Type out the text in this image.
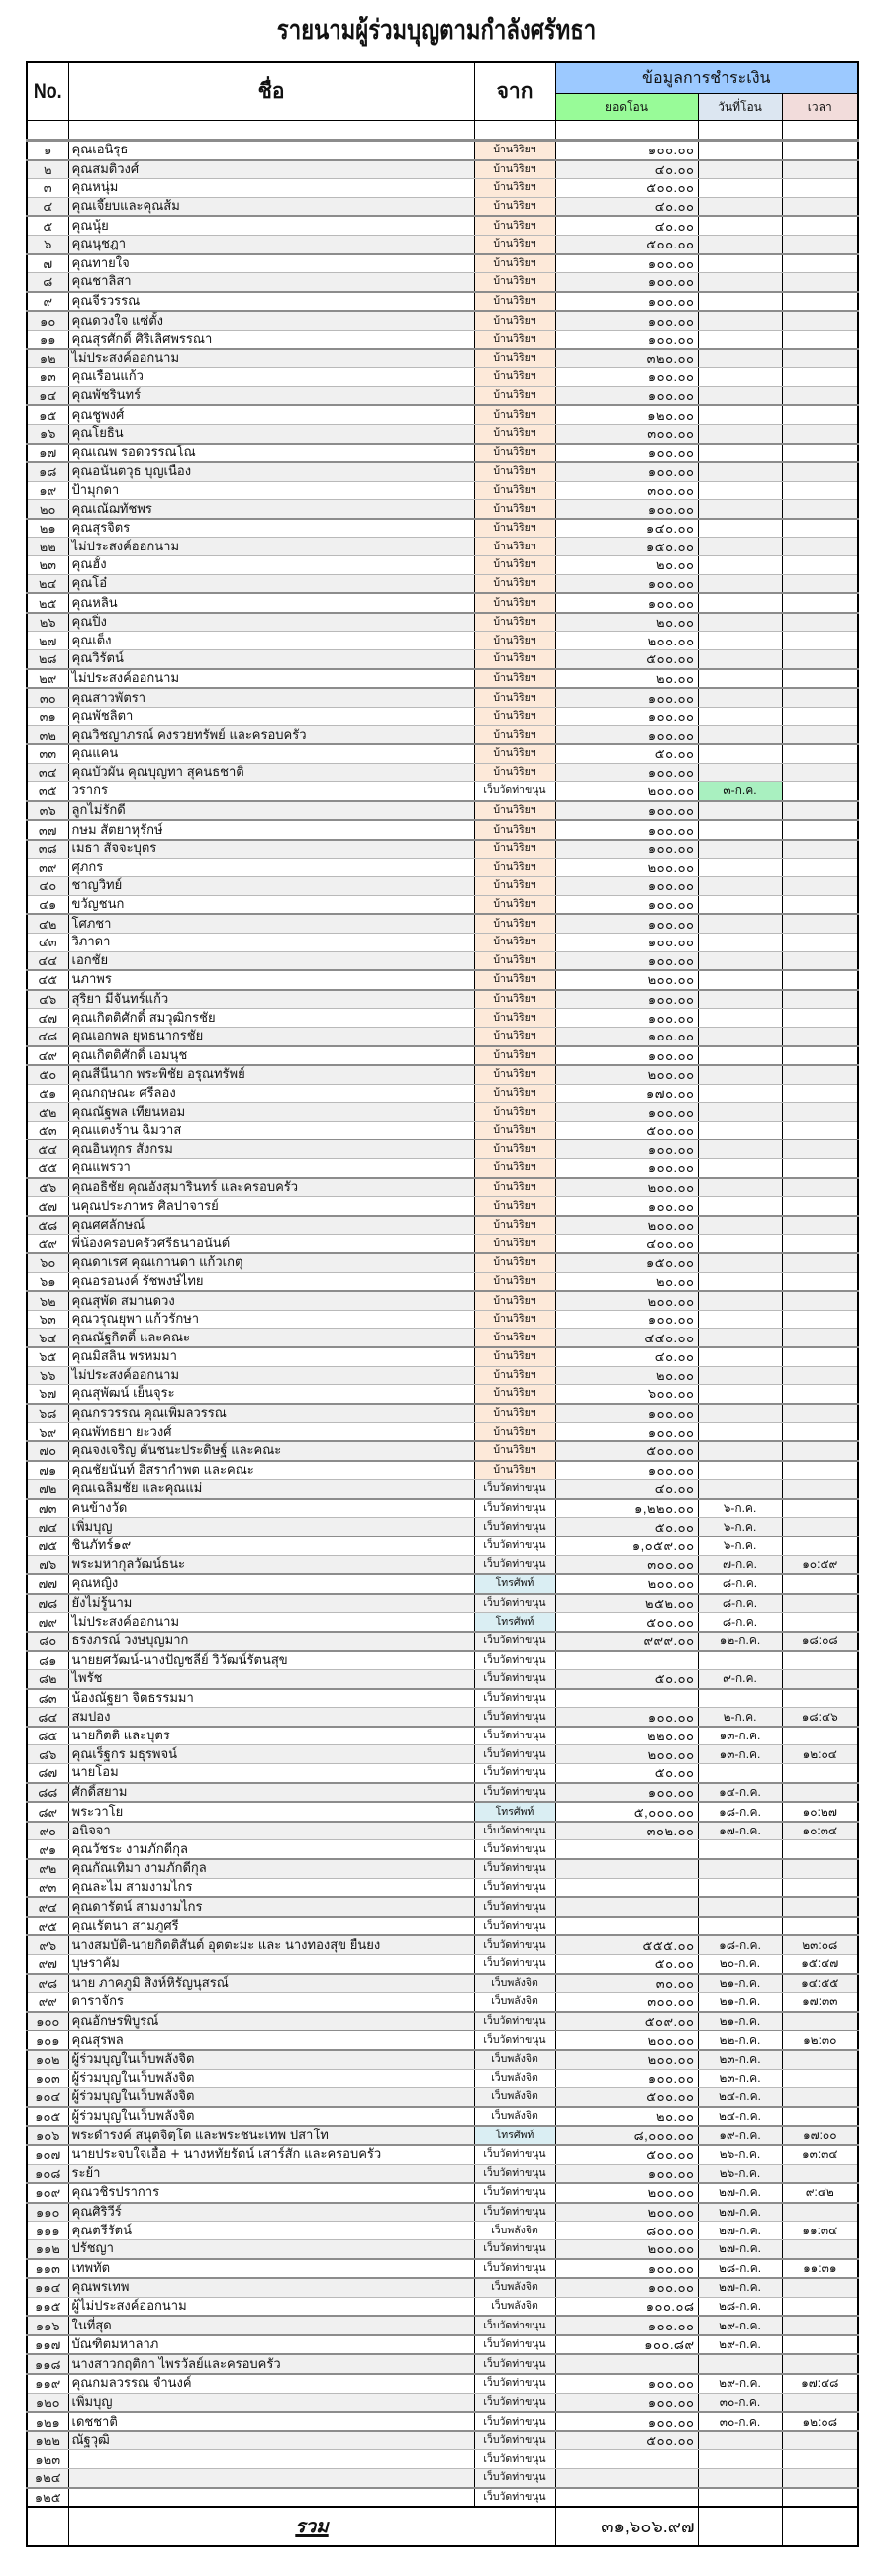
รายนามผู้ร่วมบุญตามกำลังศรัทธา
No.	ชื่อ	จาก	ข้อมูลการชำระเงิน		
			ยอดโอน	วันที่โอน	เวลา

๑	คุณเอนิรุธ	บ้านวิริยฯ	๑๐๐.๐๐		
๒	คุณสมติวงศ์	บ้านวิริยฯ	๔๐.๐๐		
๓	คุณหนุ่ม	บ้านวิริยฯ	๕๐๐.๐๐		
๔	คุณเจี๊ยบและคุณส้ม	บ้านวิริยฯ	๔๐.๐๐		
๕	คุณนุ้ย	บ้านวิริยฯ	๔๐.๐๐		
๖	คุณนุชฎา	บ้านวิริยฯ	๕๐๐.๐๐		
๗	คุณทายใจ	บ้านวิริยฯ	๑๐๐.๐๐		
๘	คุณชาลิสา	บ้านวิริยฯ	๑๐๐.๐๐		
๙	คุณจีรวรรณ	บ้านวิริยฯ	๑๐๐.๐๐		
๑๐	คุณดวงใจ แซ่ตั้ง	บ้านวิริยฯ	๑๐๐.๐๐		
๑๑	คุณสุรศักดิ์ ศิริเลิศพรรณา	บ้านวิริยฯ	๑๐๐.๐๐		
๑๒	ไม่ประสงค์ออกนาม	บ้านวิริยฯ	๓๒๐.๐๐		
๑๓	คุณเรือนแก้ว	บ้านวิริยฯ	๑๐๐.๐๐		
๑๔	คุณพัชรินทร์	บ้านวิริยฯ	๑๐๐.๐๐		
๑๕	คุณชูพงศ์	บ้านวิริยฯ	๑๒๐.๐๐		
๑๖	คุณโยธิน	บ้านวิริยฯ	๓๐๐.๐๐		
๑๗	คุณเณพ รอดวรรณโณ	บ้านวิริยฯ	๑๐๐.๐๐		
๑๘	คุณอนันตวุธ บุญเนือง	บ้านวิริยฯ	๑๐๐.๐๐		
๑๙	ป้ามุกดา	บ้านวิริยฯ	๓๐๐.๐๐		
๒๐	คุณเณัฌทัชพร	บ้านวิริยฯ	๑๐๐.๐๐		
๒๑	คุณสุรจิตร	บ้านวิริยฯ	๑๔๐.๐๐		
๒๒	ไม่ประสงค์ออกนาม	บ้านวิริยฯ	๑๕๐.๐๐		
๒๓	คุณฮั้ง	บ้านวิริยฯ	๒๐.๐๐		
๒๔	คุณโอ๋	บ้านวิริยฯ	๑๐๐.๐๐		
๒๕	คุณหลิน	บ้านวิริยฯ	๑๐๐.๐๐		
๒๖	คุณปิ๋ง	บ้านวิริยฯ	๒๐.๐๐		
๒๗	คุณเต็ง	บ้านวิริยฯ	๒๐๐.๐๐		
๒๘	คุณวิรัตน์	บ้านวิริยฯ	๕๐๐.๐๐		
๒๙	ไม่ประสงค์ออกนาม	บ้านวิริยฯ	๒๐.๐๐		
๓๐	คุณสาวพัตรา	บ้านวิริยฯ	๑๐๐.๐๐		
๓๑	คุณพัชลิตา	บ้านวิริยฯ	๑๐๐.๐๐		
๓๒	คุณวิชญาภรณ์ คงรวยทรัพย์ และครอบครัว	บ้านวิริยฯ	๑๐๐.๐๐		
๓๓	คุณแคน	บ้านวิริยฯ	๕๐.๐๐		
๓๔	คุณบัวผัน คุณบุญทา สุคนธชาติ	บ้านวิริยฯ	๑๐๐.๐๐		
๓๕	วรากร	เว็บวัดท่าขนุน	๒๐๐.๐๐	๓-ก.ค.	
๓๖	ลูกไม่รักดี	บ้านวิริยฯ	๑๐๐.๐๐		
๓๗	กษม สัตยาหุรักษ์	บ้านวิริยฯ	๑๐๐.๐๐		
๓๘	เมธา สัจจะบุตร	บ้านวิริยฯ	๑๐๐.๐๐		
๓๙	ศุภกร	บ้านวิริยฯ	๒๐๐.๐๐		
๔๐	ชาญวิทย์	บ้านวิริยฯ	๑๐๐.๐๐		
๔๑	ขวัญชนก	บ้านวิริยฯ	๑๐๐.๐๐		
๔๒	โศภชา	บ้านวิริยฯ	๑๐๐.๐๐		
๔๓	วิภาดา	บ้านวิริยฯ	๑๐๐.๐๐		
๔๔	เอกชัย	บ้านวิริยฯ	๑๐๐.๐๐		
๔๕	นภาพร	บ้านวิริยฯ	๒๐๐.๐๐		
๔๖	สุริยา มีจันทร์แก้ว	บ้านวิริยฯ	๑๐๐.๐๐		
๔๗	คุณเกิตติศักดิ์ สมวุฒิกรชัย	บ้านวิริยฯ	๑๐๐.๐๐		
๔๘	คุณเอกพล ยุทธนากรชัย	บ้านวิริยฯ	๑๐๐.๐๐		
๔๙	คุณเกิตติศักดิ์ เอมนุช	บ้านวิริยฯ	๑๐๐.๐๐		
๕๐	คุณสีนีนาก พระพิชัย อรุณทรัพย์	บ้านวิริยฯ	๒๐๐.๐๐		
๕๑	คุณกฤษณะ ศรีลอง	บ้านวิริยฯ	๑๗๐.๐๐		
๕๒	คุณณัฐพล เทียนหอม	บ้านวิริยฯ	๑๐๐.๐๐		
๕๓	คุณแตงร้าน ฉิมวาส	บ้านวิริยฯ	๕๐๐.๐๐		
๕๔	คุณอินทุกร สังกรม	บ้านวิริยฯ	๑๐๐.๐๐		
๕๕	คุณแพรวา	บ้านวิริยฯ	๑๐๐.๐๐		
๕๖	คุณอธิชัย คุณอังสุมารินทร์ และครอบครัว	บ้านวิริยฯ	๒๐๐.๐๐		
๕๗	นคุณประภาทร ศิลปาจารย์	บ้านวิริยฯ	๑๐๐.๐๐		
๕๘	คุณศศลักษณ์	บ้านวิริยฯ	๒๐๐.๐๐		
๕๙	พี่น้องครอบครัวศรีธนาอนันต์	บ้านวิริยฯ	๔๐๐.๐๐		
๖๐	คุณดาเรศ คุณเกานดา แก้วเกตุ	บ้านวิริยฯ	๑๕๐.๐๐		
๖๑	คุณอรอนงค์ รัชพงษ์ไทย	บ้านวิริยฯ	๒๐.๐๐		
๖๒	คุณสุพัด สมานดวง	บ้านวิริยฯ	๒๐๐.๐๐		
๖๓	คุณวรุณยุพา แก้วรักษา	บ้านวิริยฯ	๑๐๐.๐๐		
๖๔	คุณณัฐกิตติ์ และคณะ	บ้านวิริยฯ	๔๔๐.๐๐		
๖๕	คุณมิสลิน พรหมมา	บ้านวิริยฯ	๔๐.๐๐		
๖๖	ไม่ประสงค์ออกนาม	บ้านวิริยฯ	๒๐.๐๐		
๖๗	คุณสุพัฒน์ เย็นจุระ	บ้านวิริยฯ	๖๐๐.๐๐		
๖๘	คุณกรวรรณ คุณเพิ่มลวรรณ	บ้านวิริยฯ	๑๐๐.๐๐		
๖๙	คุณพัทธยา ยะวงศ์	บ้านวิริยฯ	๑๐๐.๐๐		
๗๐	คุณจงเจริญ ตันชนะประดิษฐ์ และคณะ	บ้านวิริยฯ	๕๐๐.๐๐		
๗๑	คุณชัยนันท์ อิสรากำพต และคณะ	บ้านวิริยฯ	๑๐๐.๐๐		
๗๒	คุณเฉลิมชัย และคุณแม่	เว็บวัดท่าขนุน	๔๐.๐๐		
๗๓	คนข้างวัด	เว็บวัดท่าขนุน	๑,๒๒๐.๐๐	๖-ก.ค.	
๗๔	เพิ่มบุญ	เว็บวัดท่าขนุน	๕๐.๐๐	๖-ก.ค.	
๗๕	ชินภัทร์๑๙	เว็บวัดท่าขนุน	๑,๐๕๙.๐๐	๖-ก.ค.	
๗๖	พระมหากุลวัฒน์ธนะ	เว็บวัดท่าขนุน	๓๐๐.๐๐	๗-ก.ค.	๑๐:๕๙
๗๗	คุณหญิง	โทรศัพท์	๒๐๐.๐๐	๘-ก.ค.	
๗๘	ยังไม่รู้นาม	เว็บวัดท่าขนุน	๒๕๒.๐๐	๘-ก.ค.	
๗๙	ไม่ประสงค์ออกนาม	โทรศัพท์	๕๐๐.๐๐	๘-ก.ค.	
๘๐	ธรงภรณ์ วงษบุญมาก	เว็บวัดท่าขนุน	๙๙๙.๐๐	๑๒-ก.ค.	๑๘:๐๘
๘๑	นายยศวัฒน์-นางปัญชลีย์ วิวัฒน์รัตนสุข	เว็บวัดท่าขนุน			
๘๒	ไพรัช	เว็บวัดท่าขนุน	๕๐.๐๐	๙-ก.ค.	
๘๓	น้องณัฐยา จิตธรรมมา	เว็บวัดท่าขนุน			
๘๔	สมปอง	เว็บวัดท่าขนุน	๑๐๐.๐๐	๒-ก.ค.	๑๘:๔๖
๘๕	นายกิตติ และบุตร	เว็บวัดท่าขนุน	๒๒๐.๐๐	๑๓-ก.ค.	
๘๖	คุณเร็ฐกร มธุรพจน์	เว็บวัดท่าขนุน	๒๐๐.๐๐	๑๓-ก.ค.	๑๒:๐๔
๘๗	นายโอม	เว็บวัดท่าขนุน	๕๐.๐๐		
๘๘	ศักดิ์สยาม	เว็บวัดท่าขนุน	๑๐๐.๐๐	๑๔-ก.ค.	
๘๙	พระวาโย	โทรศัพท์	๕,๐๐๐.๐๐	๑๘-ก.ค.	๑๐:๒๗
๙๐	อนิจจา	เว็บวัดท่าขนุน	๓๐๒.๐๐	๑๗-ก.ค.	๑๐:๓๔
๙๑	คุณวัชระ งามภักดีกุล	เว็บวัดท่าขนุน			
๙๒	คุณกัณเทิมา งามภักดีกุล	เว็บวัดท่าขนุน			
๙๓	คุณละไม สามงามไกร	เว็บวัดท่าขนุน			
๙๔	คุณดารัตน์ สามงามไกร	เว็บวัดท่าขนุน			
๙๕	คุณเรัตนา สามภูศรี	เว็บวัดท่าขนุน			
๙๖	นางสมบัติ-นายกิตติสันต์ อุตตะมะ และ นางทองสุข ยืนยง	เว็บวัดท่าขนุน	๕๕๕.๐๐	๑๘-ก.ค.	๒๓:๐๘
๙๗	บุษราคัม	เว็บวัดท่าขนุน	๕๐.๐๐	๒๐-ก.ค.	๑๕:๔๗
๙๘	นาย ภาคภูมิ สิงห์หิรัญนุสรณ์	เว็บพลังจิต	๓๐.๐๐	๒๑-ก.ค.	๑๔:๕๕
๙๙	ดาราจักร	เว็บพลังจิต	๓๐๐.๐๐	๒๑-ก.ค.	๑๗:๓๓
๑๐๐	คุณอักษรพิบูรณ์	เว็บวัดท่าขนุน	๕๐๙.๐๐	๒๑-ก.ค.	
๑๐๑	คุณสุรพล	เว็บวัดท่าขนุน	๒๐๐.๐๐	๒๒-ก.ค.	๑๒:๓๐
๑๐๒	ผู้ร่วมบุญในเว็บพลังจิต	เว็บพลังจิต	๒๐๐.๐๐	๒๓-ก.ค.	
๑๐๓	ผู้ร่วมบุญในเว็บพลังจิต	เว็บพลังจิต	๑๐๐.๐๐	๒๓-ก.ค.	
๑๐๔	ผู้ร่วมบุญในเว็บพลังจิต	เว็บพลังจิต	๕๐๐.๐๐	๒๔-ก.ค.	
๑๐๕	ผู้ร่วมบุญในเว็บพลังจิต	เว็บพลังจิต	๒๐.๐๐	๒๔-ก.ค.	
๑๐๖	พระดำรงค์ สนุตจิตฺโต และพระชนะเทพ ปสาโท	โทรศัพท์	๘,๐๐๐.๐๐	๑๙-ก.ค.	๑๗:๐๐
๑๐๗	นายประจบใจเอื้อ + นางหทัยรัตน์ เสาร์สัก และครอบครัว	เว็บวัดท่าขนุน	๕๐๐.๐๐	๒๖-ก.ค.	๑๓:๓๔
๑๐๘	ระย้า	เว็บวัดท่าขนุน	๑๐๐.๐๐	๒๖-ก.ค.	
๑๐๙	คุณวชิรปราการ	เว็บวัดท่าขนุน	๒๐๐.๐๐	๒๗-ก.ค.	๙:๔๒
๑๑๐	คุณศิริวีร์	เว็บวัดท่าขนุน	๒๐๐.๐๐	๒๗-ก.ค.	
๑๑๑	คุณตรีรัตน์	เว็บพลังจิต	๘๐๐.๐๐	๒๗-ก.ค.	๑๑:๓๔
๑๑๒	ปรัชญา	เว็บวัดท่าขนุน	๒๐๐.๐๐	๒๗-ก.ค.	
๑๑๓	เทพทัต	เว็บวัดท่าขนุน	๑๐๐.๐๐	๒๘-ก.ค.	๑๑:๓๑
๑๑๔	คุณพรเทพ	เว็บพลังจิต	๑๐๐.๐๐	๒๗-ก.ค.	
๑๑๕	ผู้ไม่ประสงค์ออกนาม	เว็บพลังจิต	๑๐๐.๐๘	๒๘-ก.ค.	
๑๑๖	ในที่สุด	เว็บวัดท่าขนุน	๑๐๐.๐๐	๒๙-ก.ค.	
๑๑๗	บัณฑิตมหาลาภ	เว็บวัดท่าขนุน	๑๐๐.๘๙	๒๙-ก.ค.	
๑๑๘	นางสาวกฤติกา ไพรวัลย์และครอบครัว	เว็บวัดท่าขนุน			
๑๑๙	คุณกมลวรรณ จำนงค์	เว็บวัดท่าขนุน	๑๐๐.๐๐	๒๙-ก.ค.	๑๗:๔๘
๑๒๐	เพิ่มบุญ	เว็บวัดท่าขนุน	๑๐๐.๐๐	๓๐-ก.ค.	
๑๒๑	เดชชาติ	เว็บวัดท่าขนุน	๑๐๐.๐๐	๓๐-ก.ค.	๑๒:๐๘
๑๒๒	ณัฐวุฒิ	เว็บวัดท่าขนุน	๕๐๐.๐๐		
๑๒๓		เว็บวัดท่าขนุน			
๑๒๔		เว็บวัดท่าขนุน			
๑๒๕		เว็บวัดท่าขนุน			
	รวม		๓๑,๖๐๖.๙๗		
